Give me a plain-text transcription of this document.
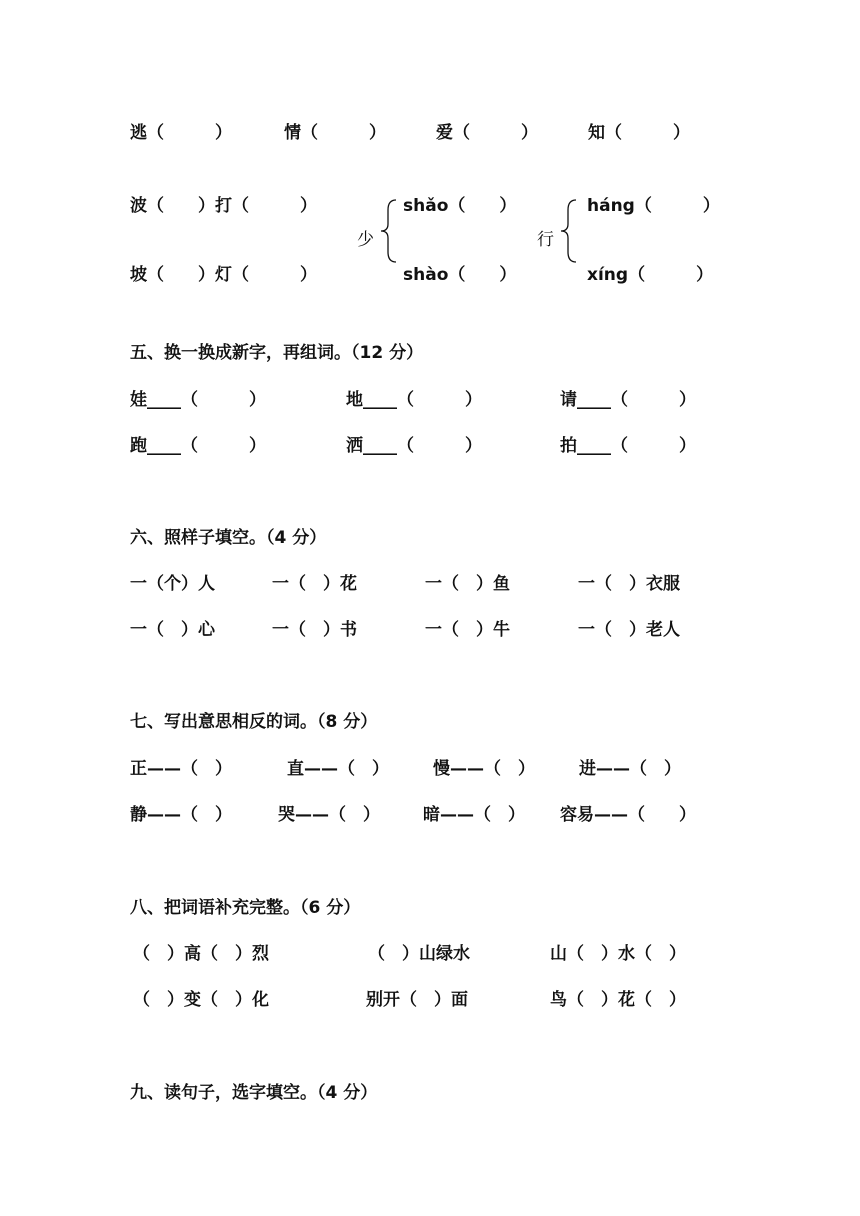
逃（　　　）	情（　　　）	爱（　　　）	知（　　　）
波（　　）打（　　　）	shǎo（　　）	háng（　　　）
少	行
坡（　　）灯（　　　）	shào（　　）	xíng（　　　）
五、换一换成新字，再组词。（12 分）
娃____（　　　）	地____（　　　）	请____（　　　）
跑____（　　　）	洒____（　　　）	拍____（　　　）
六、照样子填空。（4 分）
一（个）人	一（　）花	一（　）鱼	一（　）衣服
一（　）心	一（　）书	一（　）牛	一（　）老人
七、写出意思相反的词。（8 分）
正——（　）	直——（　）	慢——（　）	进——（　）
静——（　）	哭——（　）	暗——（　） 容易——（　　）
八、把词语补充完整。（6 分）
（　）高（　）烈	（　）山绿水	山（　）水（　）
（　）变（　）化	别开（　）面	鸟（　）花（　）
九、读句子，选字填空。（4 分）
